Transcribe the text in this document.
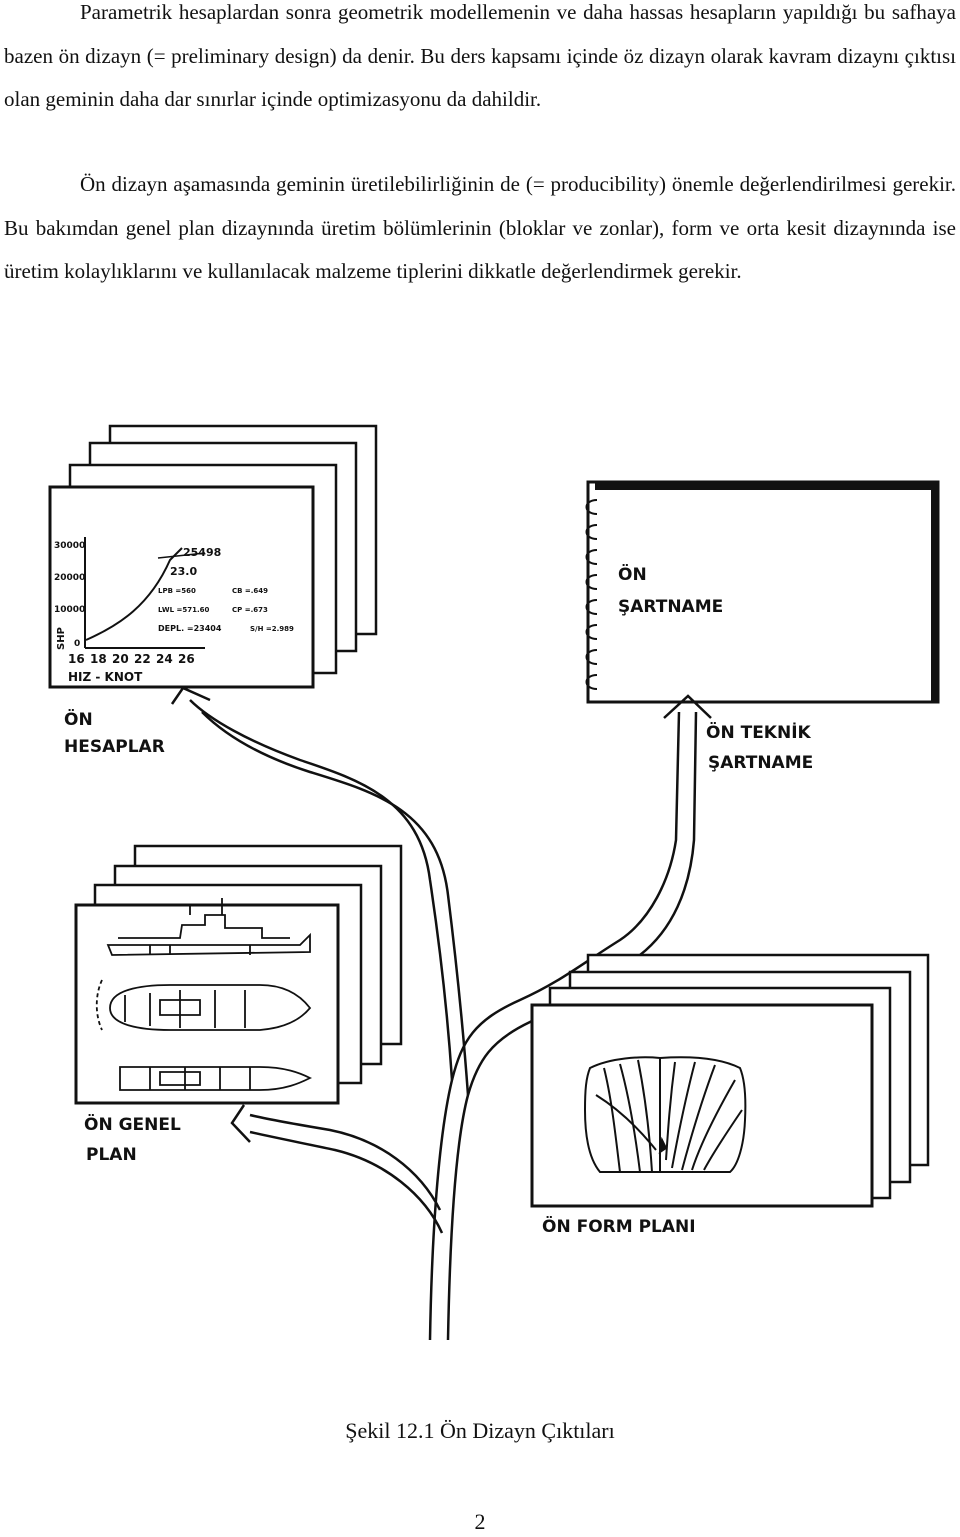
Parametrik hesaplardan sonra geometrik modellemenin ve daha hassas hesapların yapıldığı bu safhaya bazen ön dizayn (= preliminary design) da denir. Bu ders kapsamı içinde öz dizayn olarak kavram dizaynı çıktısı olan geminin daha dar sınırlar içinde optimizasyonu da dahildir.

Ön dizayn aşamasında geminin üretilebilirliğinin de (= producibility) önemle değerlendirilmesi gerekir. Bu bakımdan genel plan dizaynında üretim bölümlerinin (bloklar ve zonlar), form ve orta kesit dizaynında ise üretim kolaylıklarını ve kullanılacak malzeme tiplerini dikkatle değerlendirmek gerekir.

30000
20000
10000
0
SHP
16 18 20 22 24 26
HIZ - KNOT
25498
23.0
LPB =560	CB =.649
LWL =571.60	CP =.673
DEPL. =23404	S/H =2.989
ÖN
ŞARTNAME
ÖN
HESAPLAR
ÖN TEKNİK
ŞARTNAME
ÖN GENEL
PLAN
ÖN FORM PLANI

Şekil 12.1 Ön Dizayn Çıktıları

2
